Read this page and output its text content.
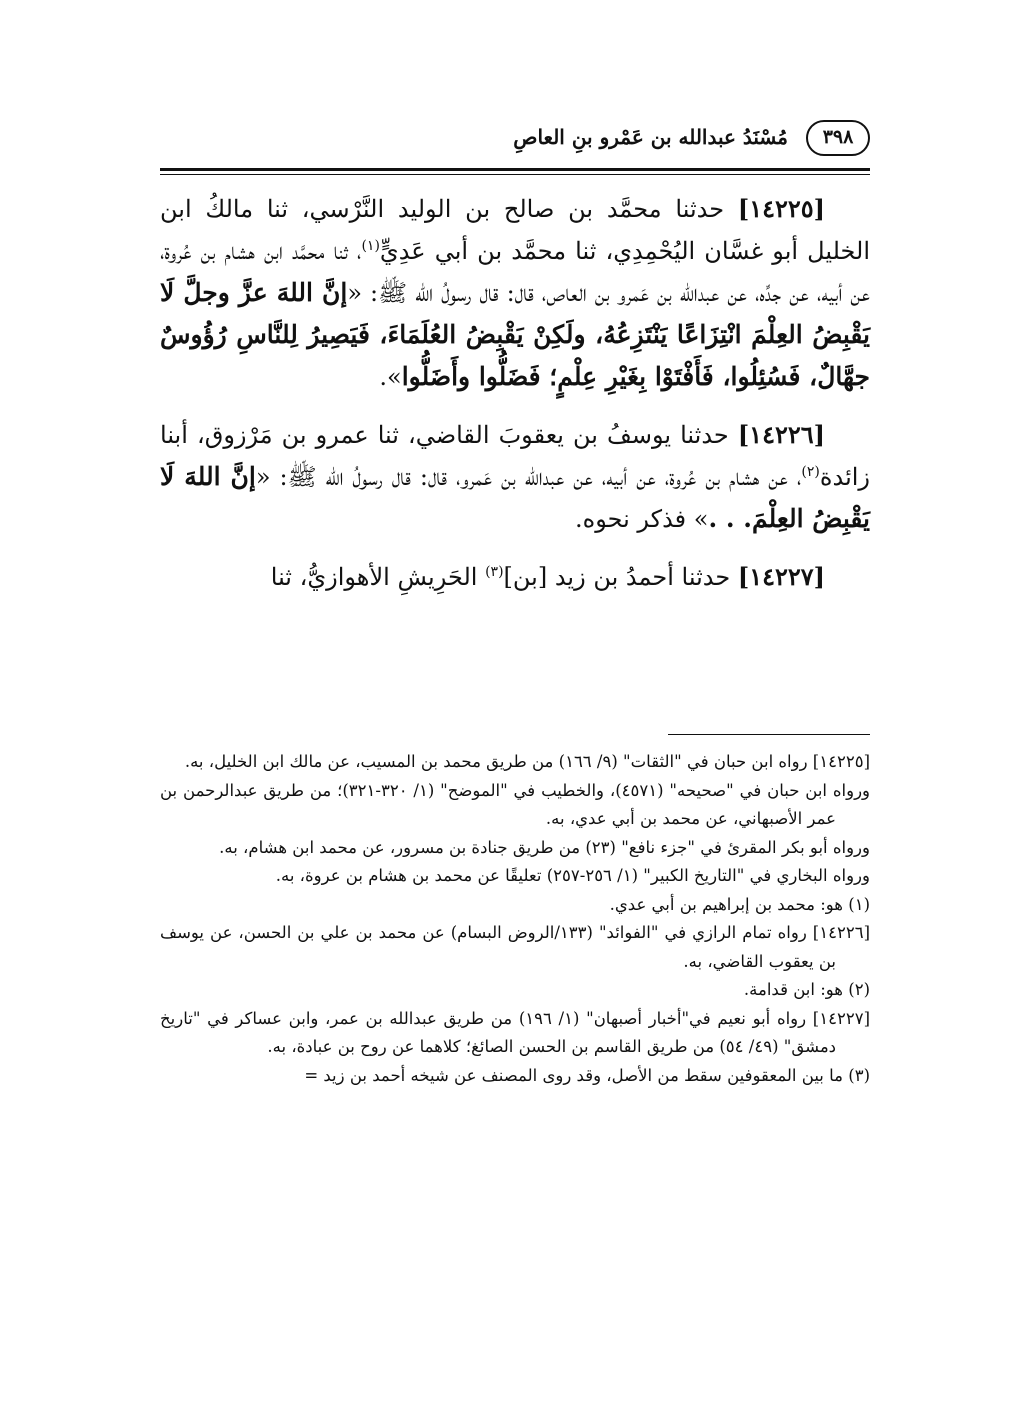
٣٩٨
مُسْنَدُ عبدالله بن عَمْرو بنِ العاصِ

[١٤٢٢٥] حدثنا محمَّد بن صالح بن الوليد النَّرْسي، ثنا مالكُ ابن الخليل أبو غسَّان اليُحْمِدِي، ثنا محمَّد بن أبي عَدِيٍّ$^{(١)}$، ثنا محمَّد ابن هشام بن عُروة، عن أبيه، عن جدِّه، عن عبدالله بن عَمرو بن العاص، قال: قال رسولُ الله ﷺ: «إنَّ اللهَ عزَّ وجلَّ لَا يَقْبِضُ العِلْمَ انْتِزَاعًا يَنْتَزِعُهُ، ولَكِنْ يَقْبِضُ العُلَمَاءَ، فَيَصِيرُ لِلنَّاسِ رُؤُوسٌ جهَّالٌ، فَسُئِلُوا، فَأَفْتَوْا بِغَيْرِ عِلْمٍ؛ فَضَلُّوا وأَضَلُّوا».

[١٤٢٢٦] حدثنا يوسفُ بن يعقوبَ القاضي، ثنا عمرو بن مَرْزوق، أبنا زائدة$^{(٢)}$، عن هشام بن عُروة، عن أبيه، عن عبدالله بن عَمرو، قال: قال رسولُ الله ﷺ: «إنَّ اللهَ لَا يَقْبِضُ العِلْمَ. . .» فذكر نحوه.

[١٤٢٢٧] حدثنا أحمدُ بن زيد [بن]$^{(٣)}$ الحَرِيشِ الأهوازيُّ، ثنا

[١٤٢٢٥] رواه ابن حبان في "الثقات" (٩/ ١٦٦) من طريق محمد بن المسيب، عن مالك ابن الخليل، به.

ورواه ابن حبان في "صحيحه" (٤٥٧١)، والخطيب في "الموضح" (١/ ٣٢٠-٣٢١)؛ من طريق عبدالرحمن بن عمر الأصبهاني، عن محمد بن أبي عدي، به.

ورواه أبو بكر المقرئ في "جزء نافع" (٢٣) من طريق جنادة بن مسرور، عن محمد ابن هشام، به.

ورواه البخاري في "التاريخ الكبير" (١/ ٢٥٦-٢٥٧) تعليقًا عن محمد بن هشام بن عروة، به.

(١) هو: محمد بن إبراهيم بن أبي عدي.

[١٤٢٢٦] رواه تمام الرازي في "الفوائد" (١٣٣/الروض البسام) عن محمد بن علي بن الحسن، عن يوسف بن يعقوب القاضي، به.

(٢) هو: ابن قدامة.

[١٤٢٢٧] رواه أبو نعيم في"أخبار أصبهان" (١/ ١٩٦) من طريق عبدالله بن عمر، وابن عساكر في "تاريخ دمشق" (٤٩/ ٥٤) من طريق القاسم بن الحسن الصائغ؛ كلاهما عن روح بن عبادة، به.

(٣) ما بين المعقوفين سقط من الأصل، وقد روى المصنف عن شيخه أحمد بن زيد =
